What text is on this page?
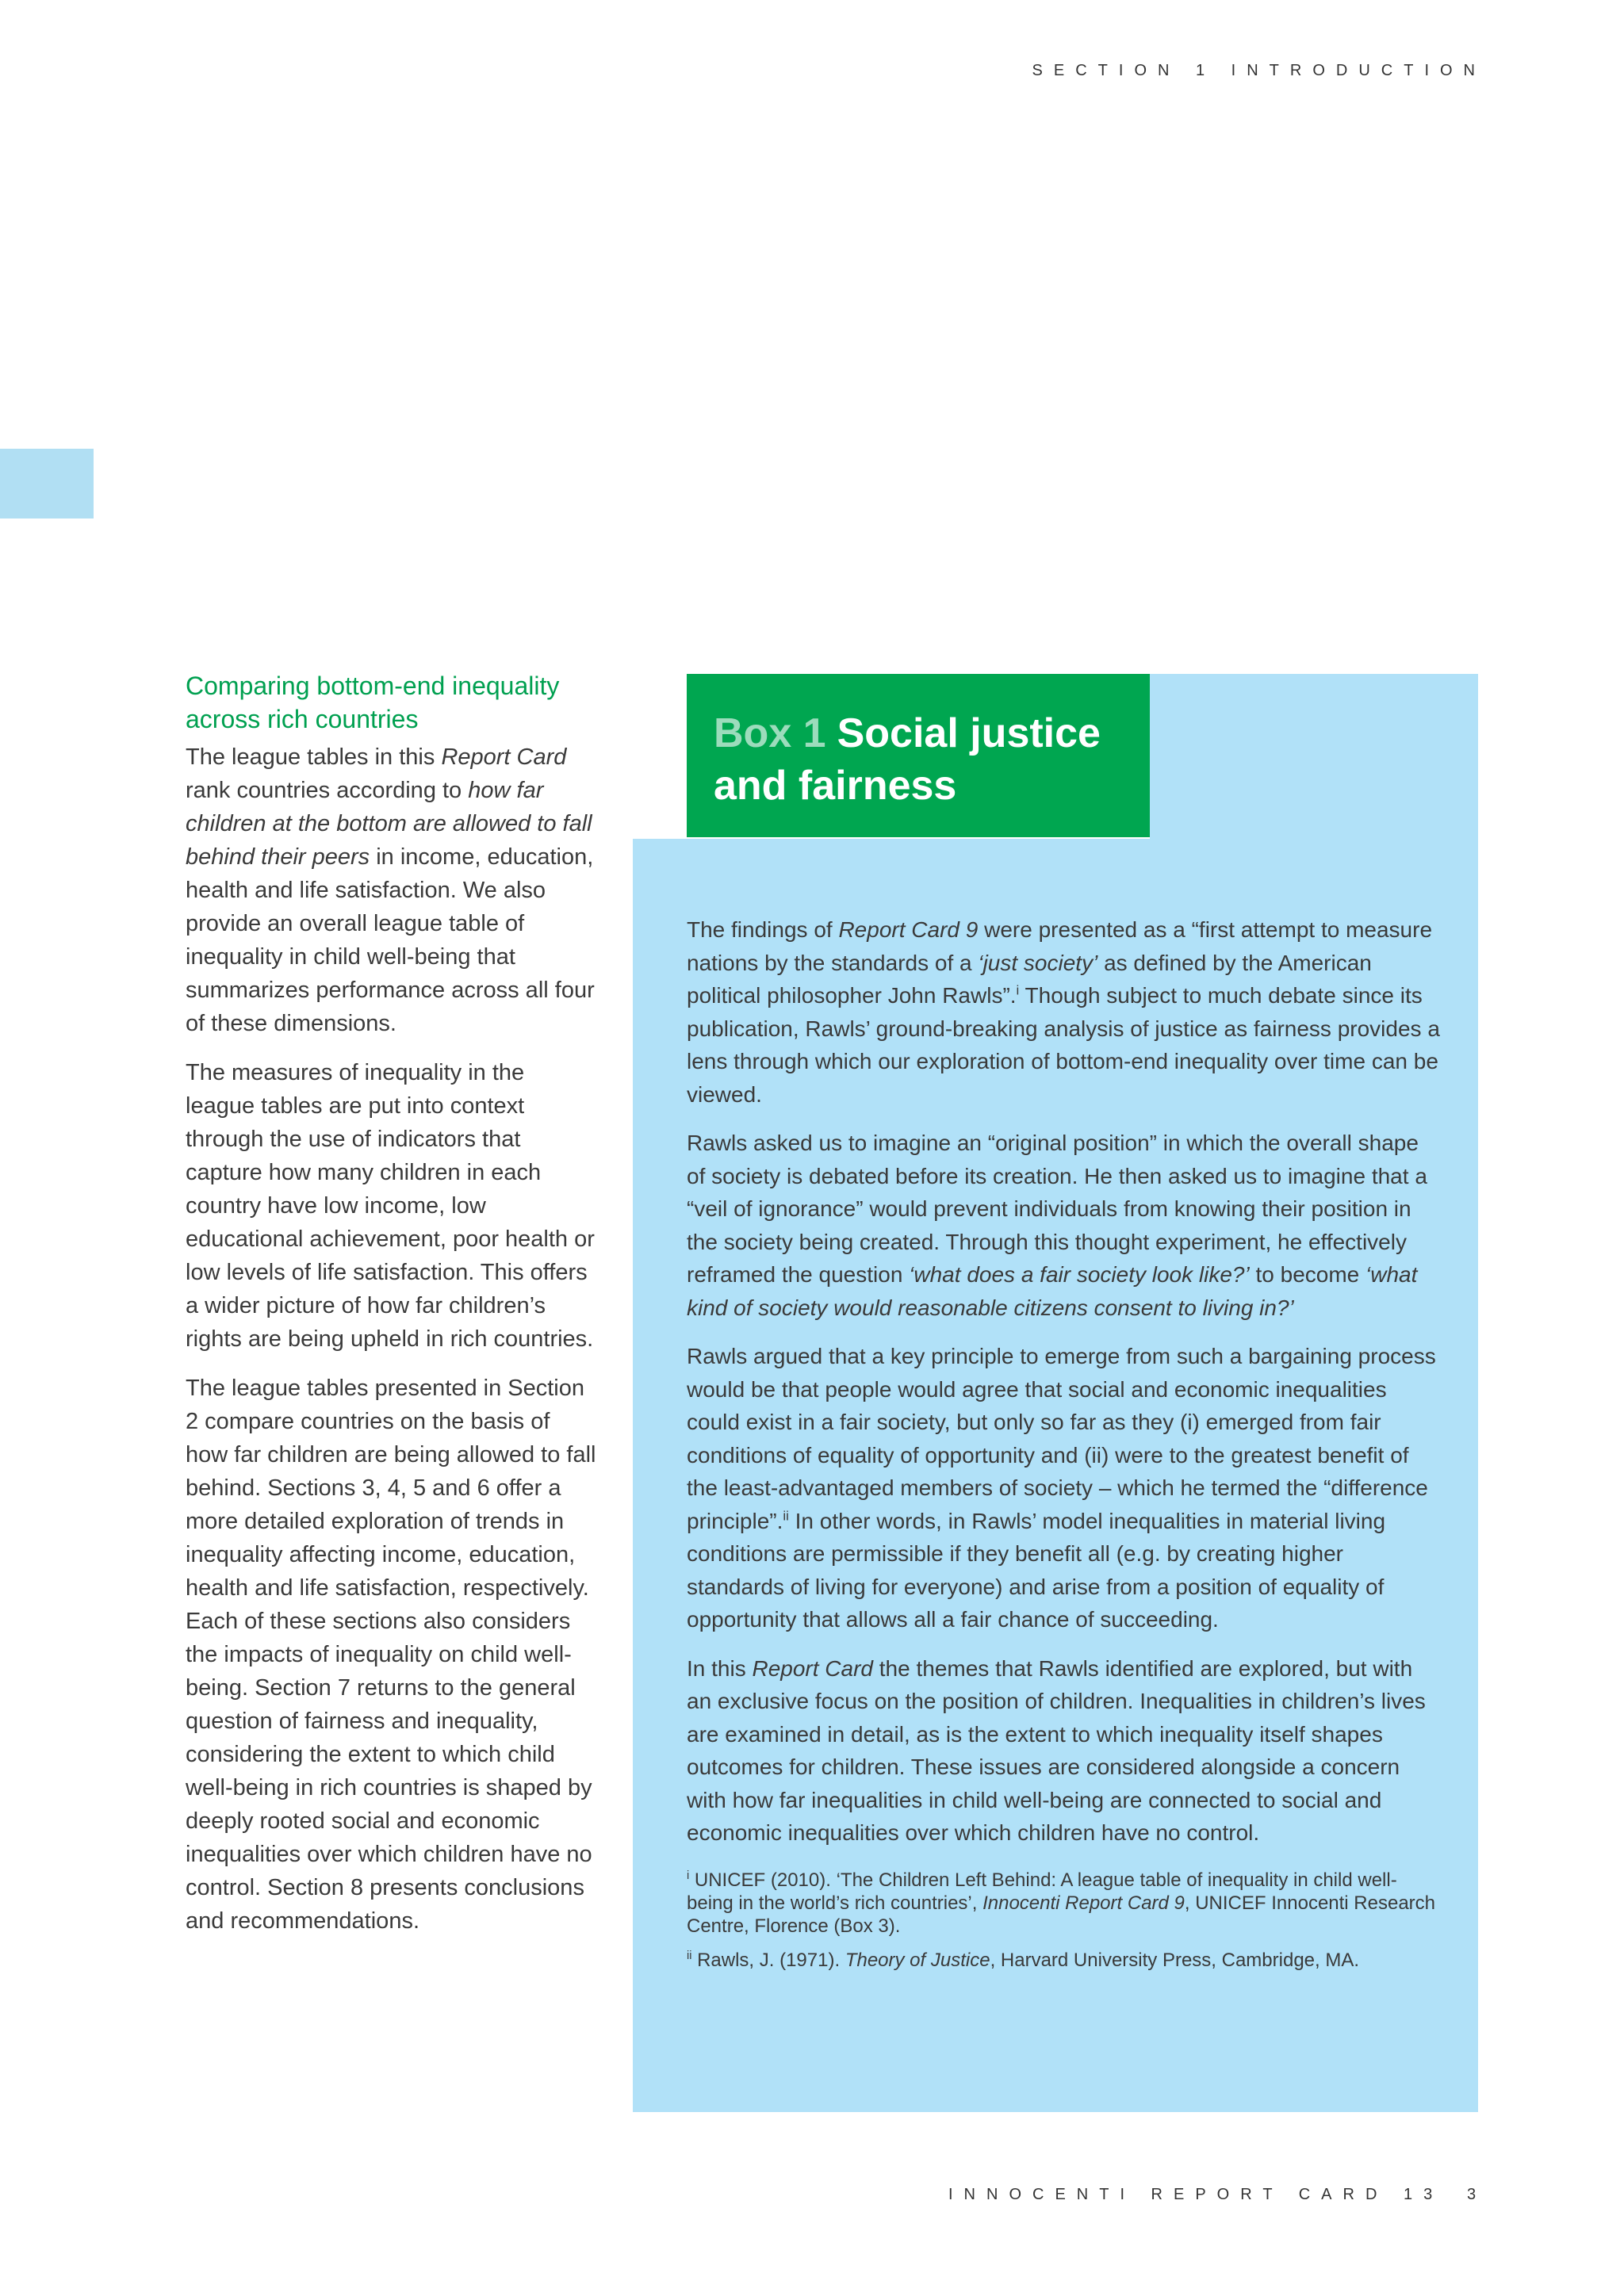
SECTION 1 INTRODUCTION
Comparing bottom-end inequality across rich countries

The league tables in this Report Card rank countries according to how far children at the bottom are allowed to fall behind their peers in income, education, health and life satisfaction. We also provide an overall league table of inequality in child well-being that summarizes performance across all four of these dimensions.

The measures of inequality in the league tables are put into context through the use of indicators that capture how many children in each country have low income, low educational achievement, poor health or low levels of life satisfaction. This offers a wider picture of how far children’s rights are being upheld in rich countries.

The league tables presented in Section 2 compare countries on the basis of how far children are being allowed to fall behind. Sections 3, 4, 5 and 6 offer a more detailed exploration of trends in inequality affecting income, education, health and life satisfaction, respectively. Each of these sections also considers the impacts of inequality on child well-being. Section 7 returns to the general question of fairness and inequality, considering the extent to which child well-being in rich countries is shaped by deeply rooted social and economic inequalities over which children have no control. Section 8 presents conclusions and recommendations.

Box 1 Social justice
and fairness

The findings of Report Card 9 were presented as a “first attempt to measure nations by the standards of a ‘just society’ as defined by the American political philosopher John Rawls”.$^i$ Though subject to much debate since its publication, Rawls’ ground-breaking analysis of justice as fairness provides a lens through which our exploration of bottom-end inequality over time can be viewed.

Rawls asked us to imagine an “original position” in which the overall shape of society is debated before its creation. He then asked us to imagine that a “veil of ignorance” would prevent individuals from knowing their position in the society being created. Through this thought experiment, he effectively reframed the question ‘what does a fair society look like?’ to become ‘what kind of society would reasonable citizens consent to living in?’

Rawls argued that a key principle to emerge from such a bargaining process would be that people would agree that social and economic inequalities could exist in a fair society, but only so far as they (i) emerged from fair conditions of equality of opportunity and (ii) were to the greatest benefit of the least-advantaged members of society – which he termed the “difference principle”.$^{ii}$ In other words, in Rawls’ model inequalities in material living conditions are permissible if they benefit all (e.g. by creating higher standards of living for everyone) and arise from a position of equality of opportunity that allows all a fair chance of succeeding.

In this Report Card the themes that Rawls identified are explored, but with an exclusive focus on the position of children. Inequalities in children’s lives are examined in detail, as is the extent to which inequality itself shapes outcomes for children. These issues are considered alongside a concern with how far inequalities in child well-being are connected to social and economic inequalities over which children have no control.

$^i$ UNICEF (2010). ‘The Children Left Behind: A league table of inequality in child well-being in the world’s rich countries’, Innocenti Report Card 9, UNICEF Innocenti Research Centre, Florence (Box 3).

$^{ii}$ Rawls, J. (1971). Theory of Justice, Harvard University Press, Cambridge, MA.

INNOCENTI REPORT CARD 13 3
